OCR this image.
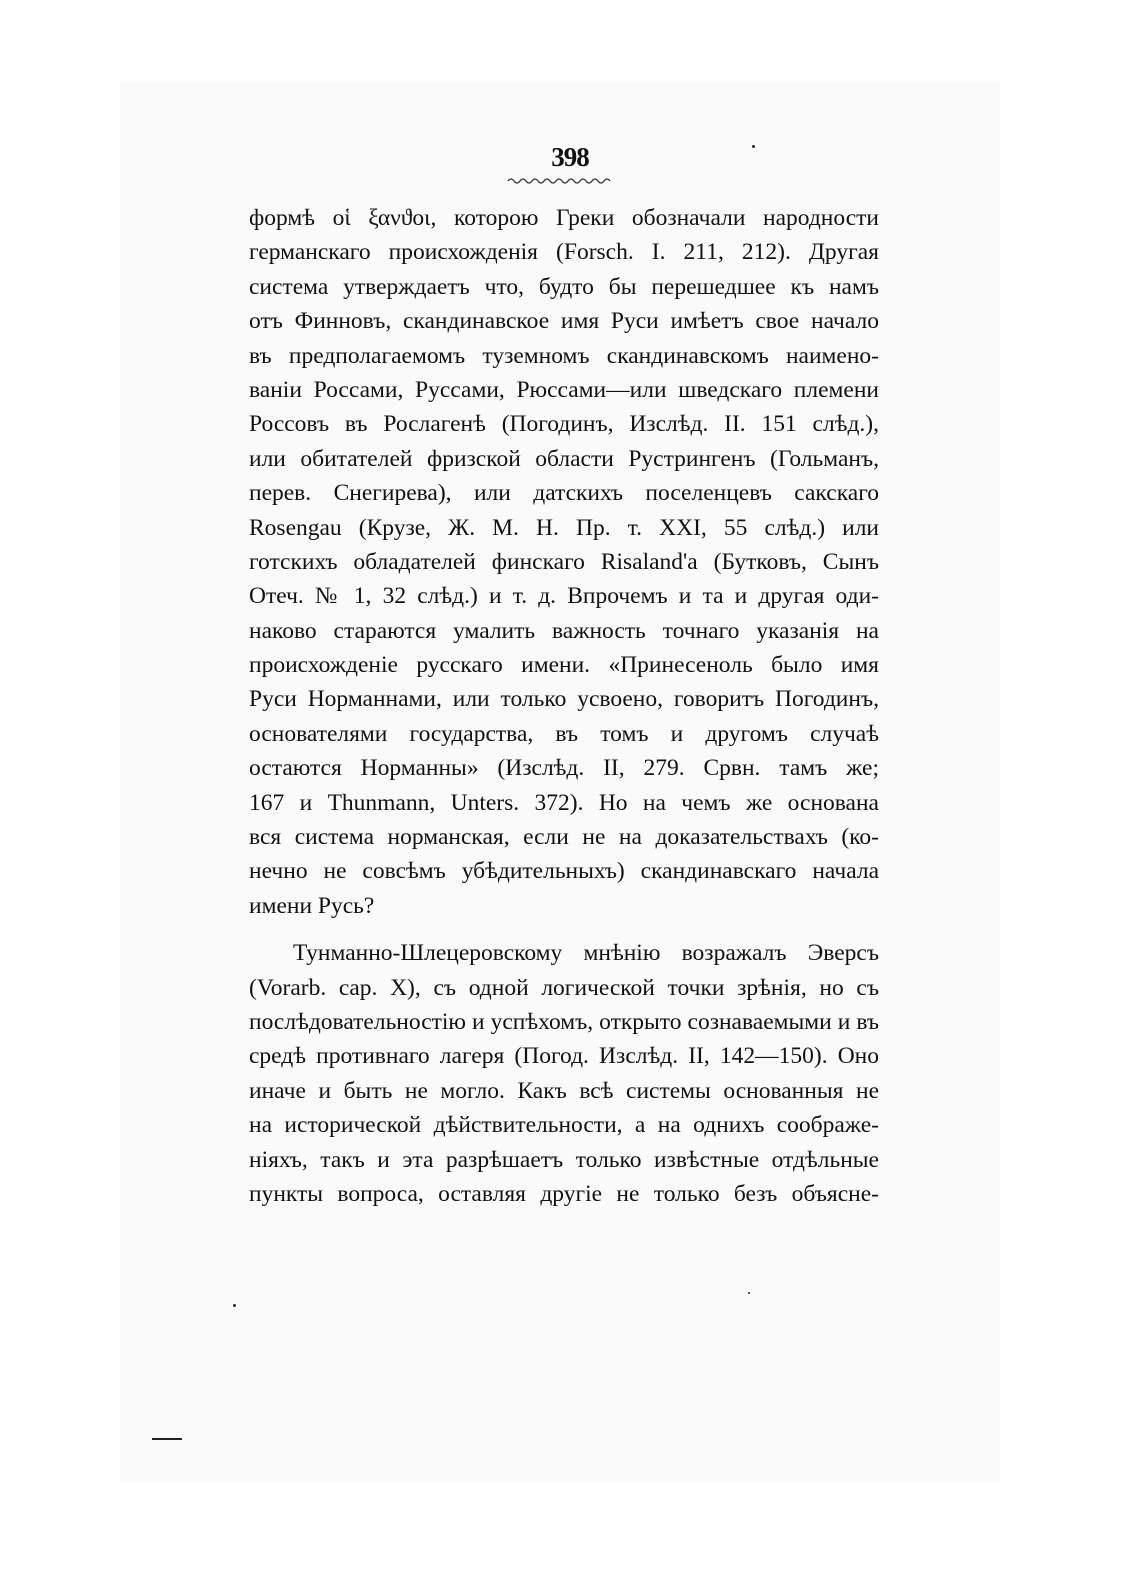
398
формѣ οἱ ξανϑοι, которою Греки обозначали народности
германскаго происхожденія (Forsch. I. 211, 212). Другая
система утверждаетъ что, будто бы перешедшее къ намъ
отъ Финновъ, скандинавское имя Руси имѣетъ свое начало
въ предполагаемомъ туземномъ скандинавскомъ наимено-
ваніи Россами, Руссами, Рюссами—или шведскаго племени
Россовъ въ Рослагенѣ (Погодинъ, Изслѣд. II. 151 слѣд.),
или обитателей фризской области Рустрингенъ (Гольманъ,
перев. Снегирева), или датскихъ поселенцевъ сакскаго
Rosengau (Крузе, Ж. М. Н. Пр. т. XXI, 55 слѣд.) или
готскихъ обладателей финскаго Risaland'a (Бутковъ, Сынъ
Отеч. № 1, 32 слѣд.) и т. д. Впрочемъ и та и другая оди-
наково стараются умалить важность точнаго указанія на
происхожденіе русскаго имени. «Принесеноль было имя
Руси Норманнами, или только усвоено, говоритъ Погодинъ,
основателями государства, въ томъ и другомъ случаѣ
остаются Норманны» (Изслѣд. II, 279. Срвн. тамъ же;
167 и Thunmann, Unters. 372). Но на чемъ же основана
вся система норманская, если не на доказательствахъ (ко-
нечно не совсѣмъ убѣдительныхъ) скандинавскаго начала
имени Русь?
Тунманно-Шлецеровскому мнѣнію возражалъ Эверсъ
(Vorarb. cap. X), съ одной логической точки зрѣнія, но съ
послѣдовательностію и успѣхомъ, открыто сознаваемыми и въ
средѣ противнаго лагеря (Погод. Изслѣд. II, 142—150). Оно
иначе и быть не могло. Какъ всѣ системы основанныя не
на исторической дѣйствительности, а на однихъ соображе-
ніяхъ, такъ и эта разрѣшаетъ только извѣстные отдѣльные
пункты вопроса, оставляя другіе не только безъ объясне-
